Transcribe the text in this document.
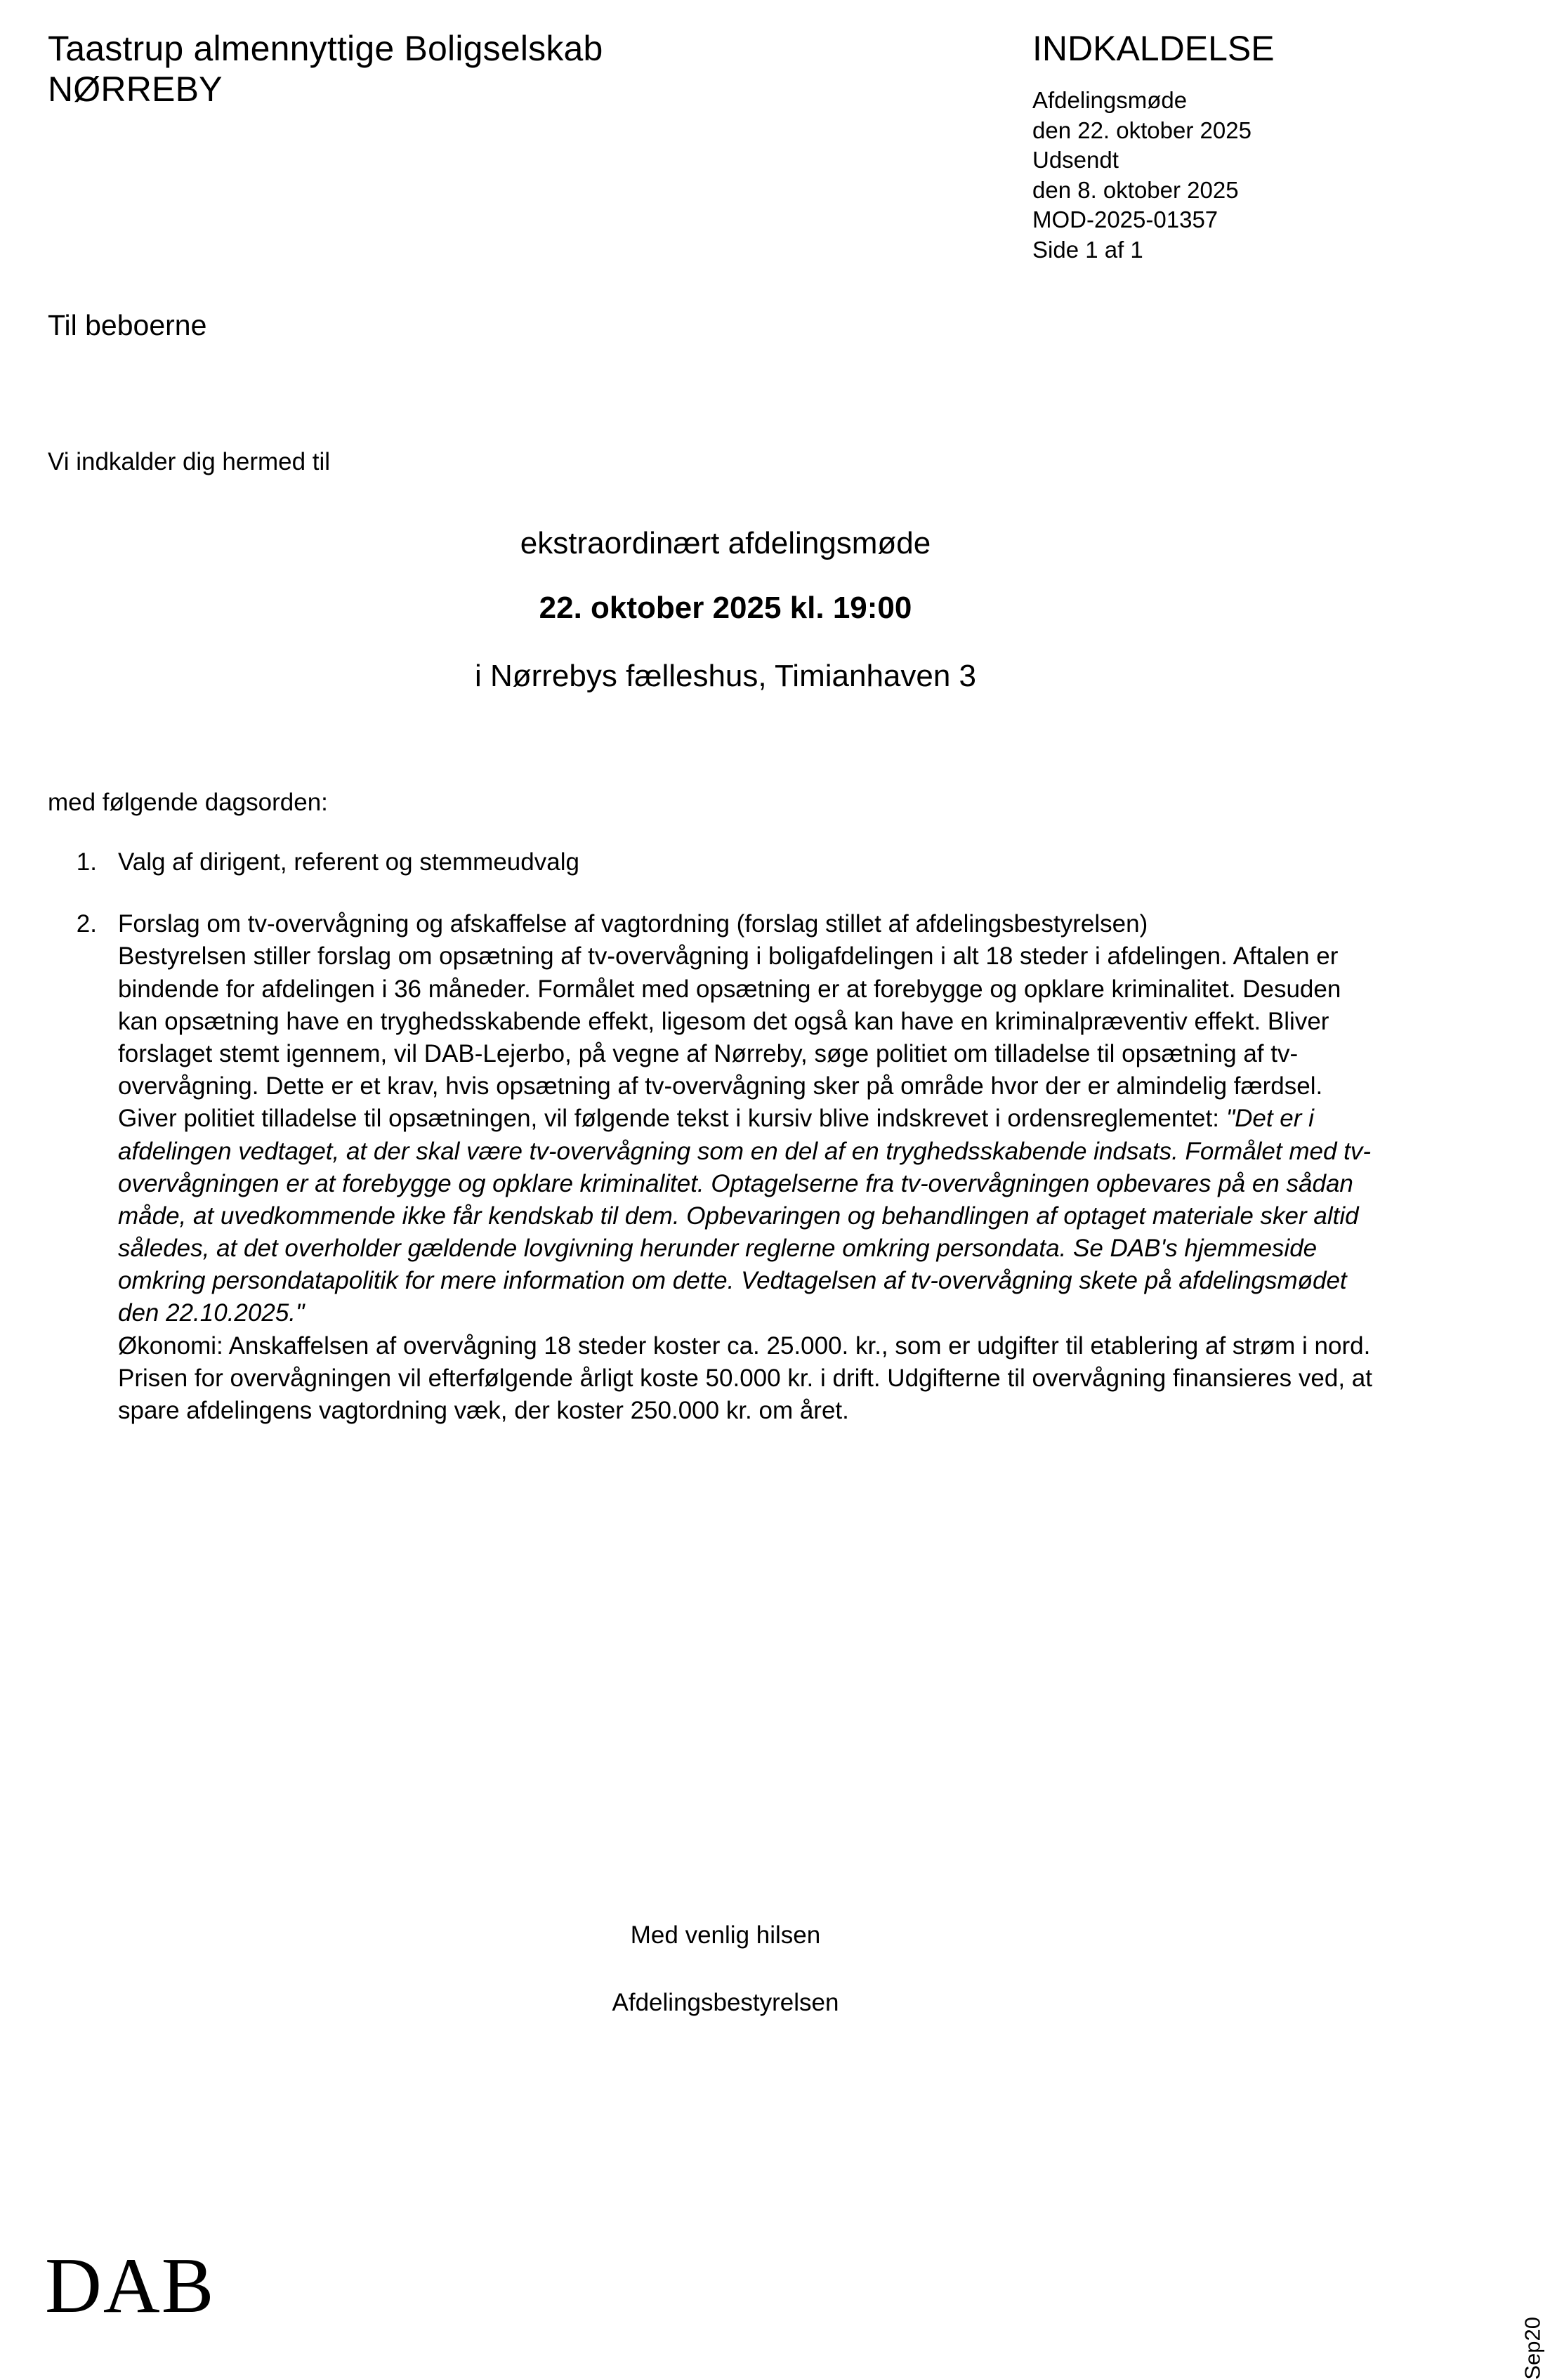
Taastrup almennyttige Boligselskab
NØRREBY
INDKALDELSE
Afdelingsmøde
den 22. oktober 2025
Udsendt
den 8. oktober 2025
MOD-2025-01357
Side 1 af 1
Til beboerne
Vi indkalder dig hermed til
ekstraordinært afdelingsmøde
22. oktober 2025 kl. 19:00
i Nørrebys fælleshus, Timianhaven 3
med følgende dagsorden:
1. Valg af dirigent, referent og stemmeudvalg

2. Forslag om tv-overvågning og afskaffelse af vagtordning (forslag stillet af afdelingsbestyrelsen)

Bestyrelsen stiller forslag om opsætning af tv-overvågning i boligafdelingen i alt 18 steder i afdelingen. Aftalen er bindende for afdelingen i 36 måneder. Formålet med opsætning er at forebygge og opklare kriminalitet. Desuden kan opsætning have en tryghedsskabende effekt, ligesom det også kan have en kriminalpræventiv effekt. Bliver forslaget stemt igennem, vil DAB-Lejerbo, på vegne af Nørreby, søge politiet om tilladelse til opsætning af tv-overvågning. Dette er et krav, hvis opsætning af tv-overvågning sker på område hvor der er almindelig færdsel. Giver politiet tilladelse til opsætningen, vil følgende tekst i kursiv blive indskrevet i ordensreglementet: "Det er i afdelingen vedtaget, at der skal være tv-overvågning som en del af en tryghedsskabende indsats. Formålet med tv-overvågningen er at forebygge og opklare kriminalitet. Optagelserne fra tv-overvågningen opbevares på en sådan måde, at uvedkommende ikke får kendskab til dem. Opbevaringen og behandlingen af optaget materiale sker altid således, at det overholder gældende lovgivning herunder reglerne omkring persondata. Se DAB's hjemmeside omkring persondatapolitik for mere information om dette. Vedtagelsen af tv-overvågning skete på afdelingsmødet den 22.10.2025."

Økonomi: Anskaffelsen af overvågning 18 steder koster ca. 25.000. kr., som er udgifter til etablering af strøm i nord. Prisen for overvågningen vil efterfølgende årligt koste 50.000 kr. i drift. Udgifterne til overvågning finansieres ved, at spare afdelingens vagtordning væk, der koster 250.000 kr. om året.

Med venlig hilsen
Afdelingsbestyrelsen
DAB
Sep20
